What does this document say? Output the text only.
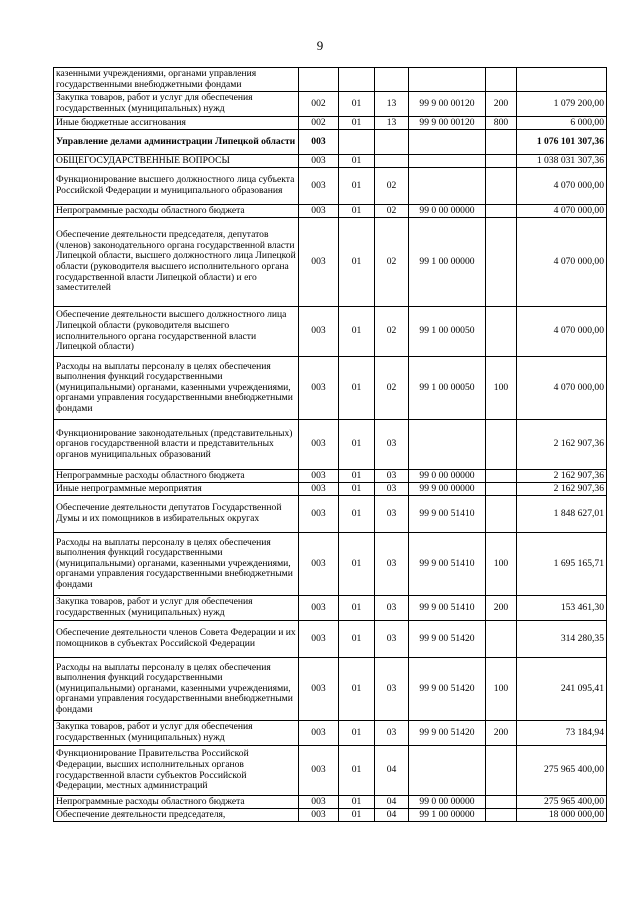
9
казенными учреждениями, органами управления государственными внебюджетными фондами						
Закупка товаров, работ и услуг для обеспечения государственных (муниципальных) нужд	002	01	13	99 9 00 00120	200	1 079 200,00
Иные бюджетные ассигнования	002	01	13	99 9 00 00120	800	6 000,00
Управление делами администрации Липецкой области	003					1 076 101 307,36
ОБЩЕГОСУДАРСТВЕННЫЕ ВОПРОСЫ	003	01				1 038 031 307,36
Функционирование высшего должностного лица субъекта Российской Федерации и муниципального образования	003	01	02			4 070 000,00
Непрограммные расходы областного бюджета	003	01	02	99 0 00 00000		4 070 000,00
Обеспечение деятельности председателя, депутатов (членов) законодательного органа государственной власти Липецкой области, высшего должностного лица Липецкой области (руководителя высшего исполнительного органа государственной власти Липецкой области) и его заместителей	003	01	02	99 1 00 00000		4 070 000,00
Обеспечение деятельности высшего должностного лица Липецкой области (руководителя высшего исполнительного органа государственной власти Липецкой области)	003	01	02	99 1 00 00050		4 070 000,00
Расходы на выплаты персоналу в целях обеспечения выполнения функций государственными (муниципальными) органами, казенными учреждениями, органами управления государственными внебюджетными фондами	003	01	02	99 1 00 00050	100	4 070 000,00
Функционирование законодательных (представительных) органов государственной власти и представительных органов муниципальных образований	003	01	03			2 162 907,36
Непрограммные расходы областного бюджета	003	01	03	99 0 00 00000		2 162 907,36
Иные непрограммные мероприятия	003	01	03	99 9 00 00000		2 162 907,36
Обеспечение деятельности депутатов Государственной Думы и их помощников в избирательных округах	003	01	03	99 9 00 51410		1 848 627,01
Расходы на выплаты персоналу в целях обеспечения выполнения функций государственными (муниципальными) органами, казенными учреждениями, органами управления государственными внебюджетными фондами	003	01	03	99 9 00 51410	100	1 695 165,71
Закупка товаров, работ и услуг для обеспечения государственных (муниципальных) нужд	003	01	03	99 9 00 51410	200	153 461,30
Обеспечение деятельности членов Совета Федерации и их помощников в субъектах Российской Федерации	003	01	03	99 9 00 51420		314 280,35
Расходы на выплаты персоналу в целях обеспечения выполнения функций государственными (муниципальными) органами, казенными учреждениями, органами управления государственными внебюджетными фондами	003	01	03	99 9 00 51420	100	241 095,41
Закупка товаров, работ и услуг для обеспечения государственных (муниципальных) нужд	003	01	03	99 9 00 51420	200	73 184,94
Функционирование Правительства Российской Федерации, высших исполнительных органов государственной власти субъектов Российской Федерации, местных администраций	003	01	04			275 965 400,00
Непрограммные расходы областного бюджета	003	01	04	99 0 00 00000		275 965 400,00
Обеспечение деятельности председателя,	003	01	04	99 1 00 00000		18 000 000,00
